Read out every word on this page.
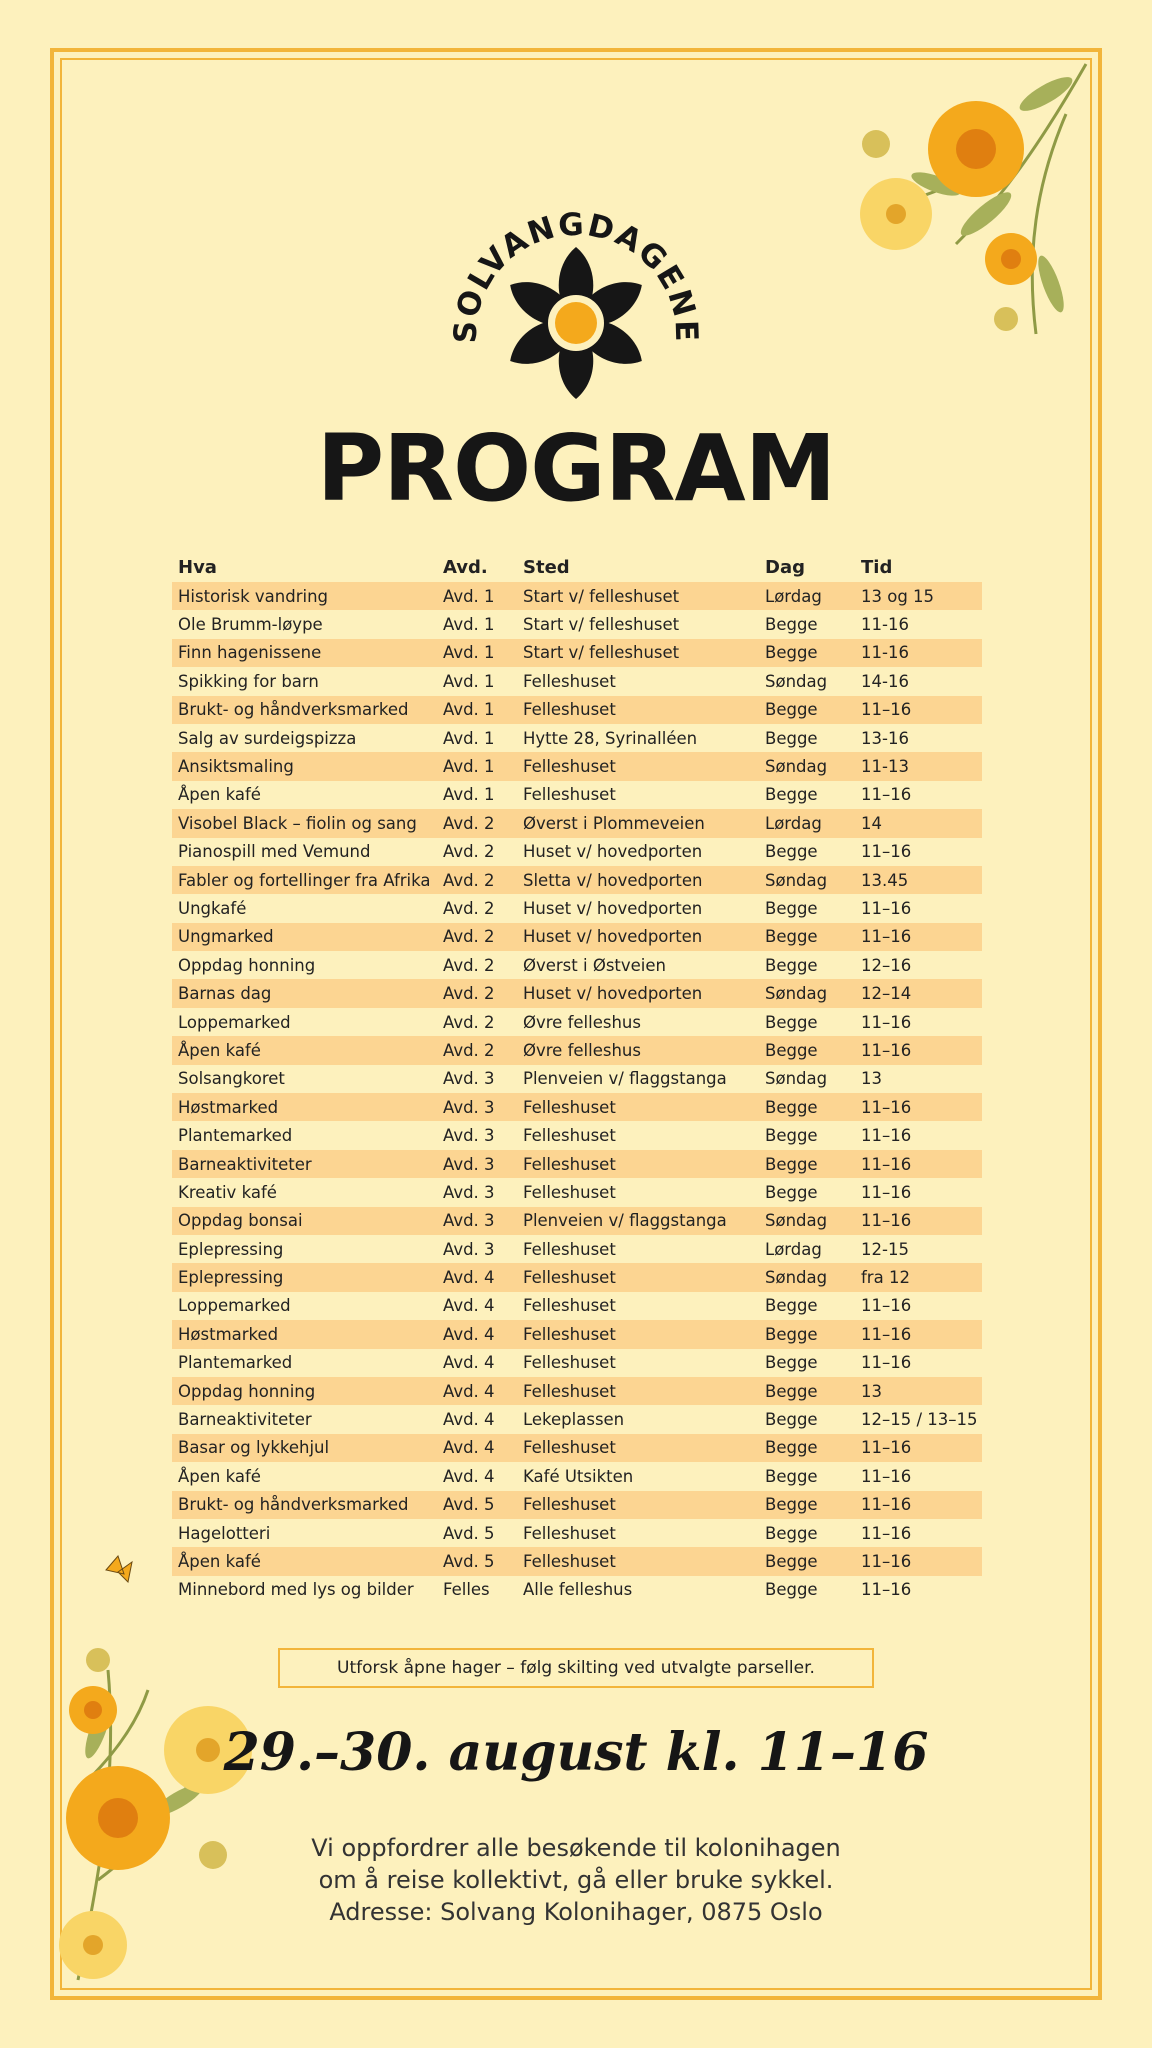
SOLVANGDAGENE
PROGRAM
Hva	Avd.	Sted	Dag	Tid
Historisk vandring	Avd. 1	Start v/ felleshuset	Lørdag	13 og 15
Ole Brumm-løype	Avd. 1	Start v/ felleshuset	Begge	11-16
Finn hagenissene	Avd. 1	Start v/ felleshuset	Begge	11-16
Spikking for barn	Avd. 1	Felleshuset	Søndag	14-16
Brukt- og håndverksmarked	Avd. 1	Felleshuset	Begge	11–16
Salg av surdeigspizza	Avd. 1	Hytte 28, Syrinalléen	Begge	13-16
Ansiktsmaling	Avd. 1	Felleshuset	Søndag	11-13
Åpen kafé	Avd. 1	Felleshuset	Begge	11–16
Visobel Black – fiolin og sang	Avd. 2	Øverst i Plommeveien	Lørdag	14
Pianospill med Vemund	Avd. 2	Huset v/ hovedporten	Begge	11–16
Fabler og fortellinger fra Afrika	Avd. 2	Sletta v/ hovedporten	Søndag	13.45
Ungkafé	Avd. 2	Huset v/ hovedporten	Begge	11–16
Ungmarked	Avd. 2	Huset v/ hovedporten	Begge	11–16
Oppdag honning	Avd. 2	Øverst i Østveien	Begge	12–16
Barnas dag	Avd. 2	Huset v/ hovedporten	Søndag	12–14
Loppemarked	Avd. 2	Øvre felleshus	Begge	11–16
Åpen kafé	Avd. 2	Øvre felleshus	Begge	11–16
Solsangkoret	Avd. 3	Plenveien v/ flaggstanga	Søndag	13
Høstmarked	Avd. 3	Felleshuset	Begge	11–16
Plantemarked	Avd. 3	Felleshuset	Begge	11–16
Barneaktiviteter	Avd. 3	Felleshuset	Begge	11–16
Kreativ kafé	Avd. 3	Felleshuset	Begge	11–16
Oppdag bonsai	Avd. 3	Plenveien v/ flaggstanga	Søndag	11–16
Eplepressing	Avd. 3	Felleshuset	Lørdag	12-15
Eplepressing	Avd. 4	Felleshuset	Søndag	fra 12
Loppemarked	Avd. 4	Felleshuset	Begge	11–16
Høstmarked	Avd. 4	Felleshuset	Begge	11–16
Plantemarked	Avd. 4	Felleshuset	Begge	11–16
Oppdag honning	Avd. 4	Felleshuset	Begge	13
Barneaktiviteter	Avd. 4	Lekeplassen	Begge	12–15 / 13–15
Basar og lykkehjul	Avd. 4	Felleshuset	Begge	11–16
Åpen kafé	Avd. 4	Kafé Utsikten	Begge	11–16
Brukt- og håndverksmarked	Avd. 5	Felleshuset	Begge	11–16
Hagelotteri	Avd. 5	Felleshuset	Begge	11–16
Åpen kafé	Avd. 5	Felleshuset	Begge	11–16
Minnebord med lys og bilder	Felles	Alle felleshus	Begge	11–16
Utforsk åpne hager – følg skilting ved utvalgte parseller.
29.–30. august kl. 11–16
Vi oppfordrer alle besøkende til kolonihagen
om å reise kollektivt, gå eller bruke sykkel.
Adresse: Solvang Kolonihager, 0875 Oslo
